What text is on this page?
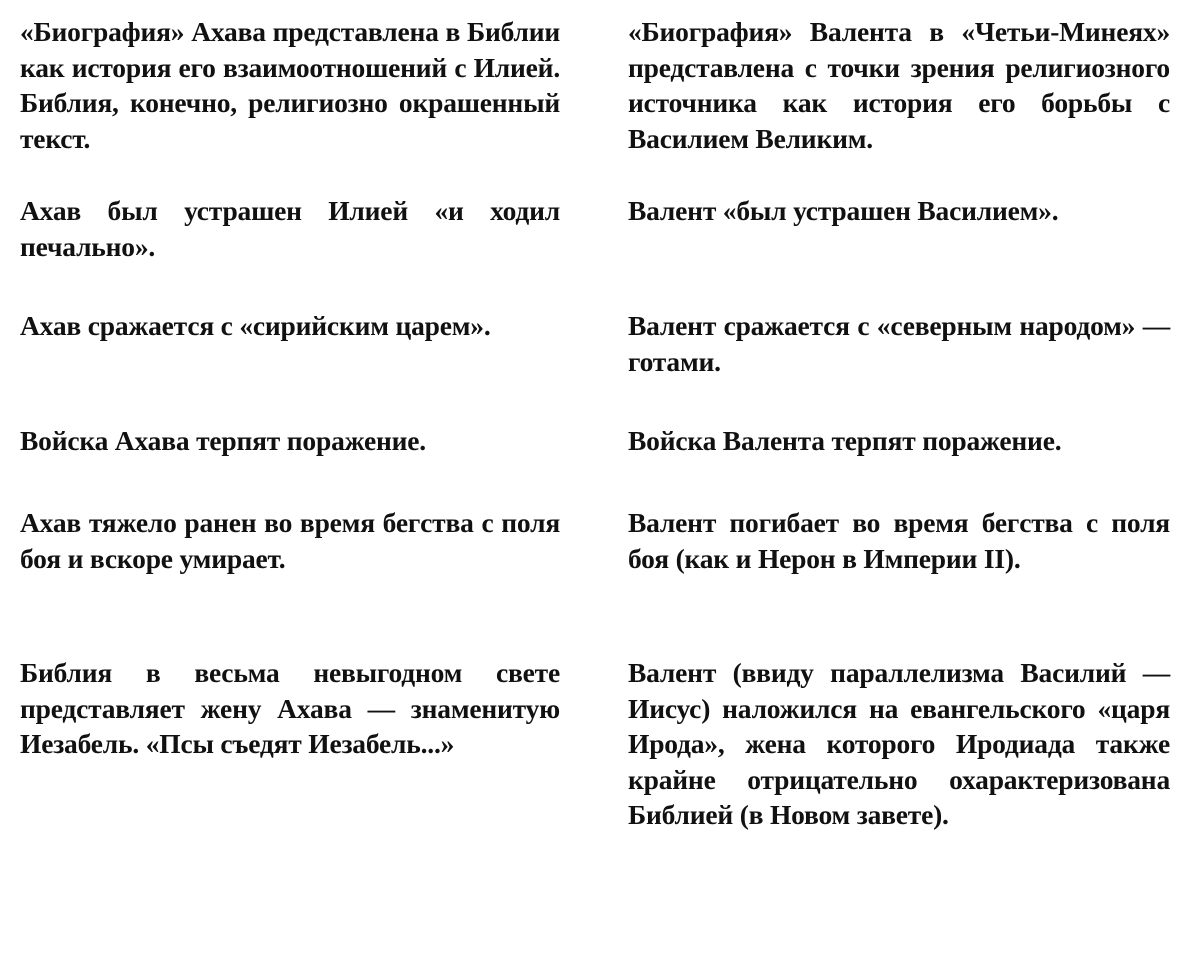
«Биография» Ахава представлена в Библии как история его взаимоотношений с Илией. Библия, конечно, религиозно окрашенный текст.
«Биография» Валента в «Четьи-Минеях» представлена с точки зрения религиозного источника как история его борьбы с Василием Великим.
Ахав был устрашен Илией «и ходил печально».
Валент «был устрашен Василием».
Ахав сражается с «сирийским царем».	Валент сражается с «северным народом» — готами.
Войска Ахава терпят поражение.	Войска Валента терпят поражение.
Ахав тяжело ранен во время бегства с поля боя и вскоре умирает.
Валент погибает во время бегства с поля боя (как и Нерон в Империи II).
Библия в весьма невыгодном свете представляет жену Ахава — знаменитую Иезабель. «Псы съедят Иезабель...»
Валент (ввиду параллелизма Василий — Иисус) наложился на евангельского «царя Ирода», жена которого Иродиада также крайне отрицательно охарактеризована Библией (в Новом завете).
